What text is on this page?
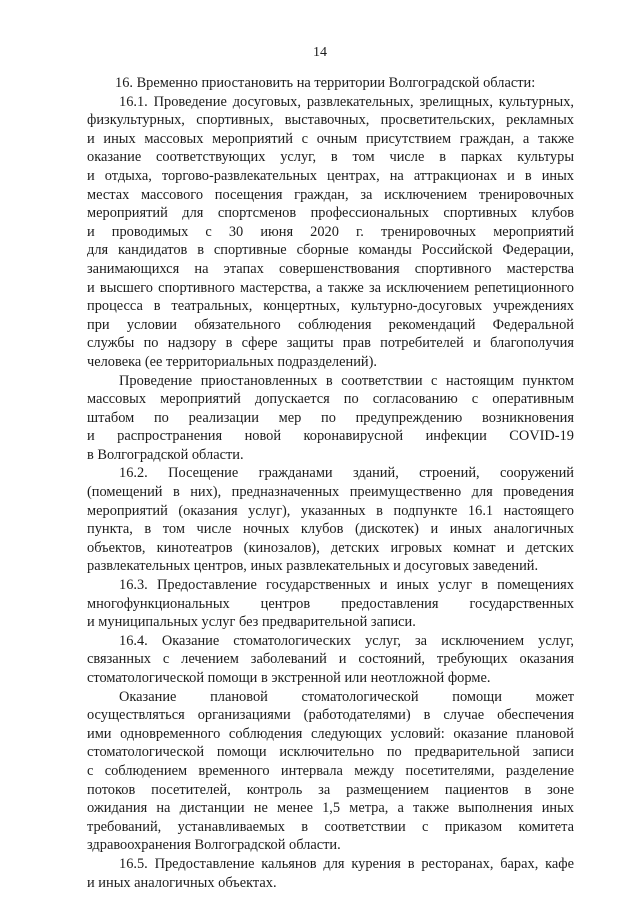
14
16. Временно приостановить на территории Волгоградской области:
16.1. Проведение досуговых, развлекательных, зрелищных, культурных,
физкультурных, спортивных, выставочных, просветительских, рекламных
и иных массовых мероприятий с очным присутствием граждан, а также
оказание соответствующих услуг, в том числе в парках культуры
и отдыха, торгово-развлекательных центрах, на аттракционах и в иных
местах массового посещения граждан, за исключением тренировочных
мероприятий для спортсменов профессиональных спортивных клубов
и проводимых с 30 июня 2020 г. тренировочных мероприятий
для кандидатов в спортивные сборные команды Российской Федерации,
занимающихся на этапах совершенствования спортивного мастерства
и высшего спортивного мастерства, а также за исключением репетиционного
процесса в театральных, концертных, культурно-досуговых учреждениях
при условии обязательного соблюдения рекомендаций Федеральной
службы по надзору в сфере защиты прав потребителей и благополучия
человека (ее территориальных подразделений).
Проведение приостановленных в соответствии с настоящим пунктом
массовых мероприятий допускается по согласованию с оперативным
штабом по реализации мер по предупреждению возникновения
и распространения новой коронавирусной инфекции COVID-19
в Волгоградской области.
16.2. Посещение гражданами зданий, строений, сооружений
(помещений в них), предназначенных преимущественно для проведения
мероприятий (оказания услуг), указанных в подпункте 16.1 настоящего
пункта, в том числе ночных клубов (дискотек) и иных аналогичных
объектов, кинотеатров (кинозалов), детских игровых комнат и детских
развлекательных центров, иных развлекательных и досуговых заведений.
16.3. Предоставление государственных и иных услуг в помещениях
многофункциональных центров предоставления государственных
и муниципальных услуг без предварительной записи.
16.4. Оказание стоматологических услуг, за исключением услуг,
связанных с лечением заболеваний и состояний, требующих оказания
стоматологической помощи в экстренной или неотложной форме.
Оказание плановой стоматологической помощи может
осуществляться организациями (работодателями) в случае обеспечения
ими одновременного соблюдения следующих условий: оказание плановой
стоматологической помощи исключительно по предварительной записи
с соблюдением временного интервала между посетителями, разделение
потоков посетителей, контроль за размещением пациентов в зоне
ожидания на дистанции не менее 1,5 метра, а также выполнения иных
требований, устанавливаемых в соответствии с приказом комитета
здравоохранения Волгоградской области.
16.5. Предоставление кальянов для курения в ресторанах, барах, кафе
и иных аналогичных объектах.
